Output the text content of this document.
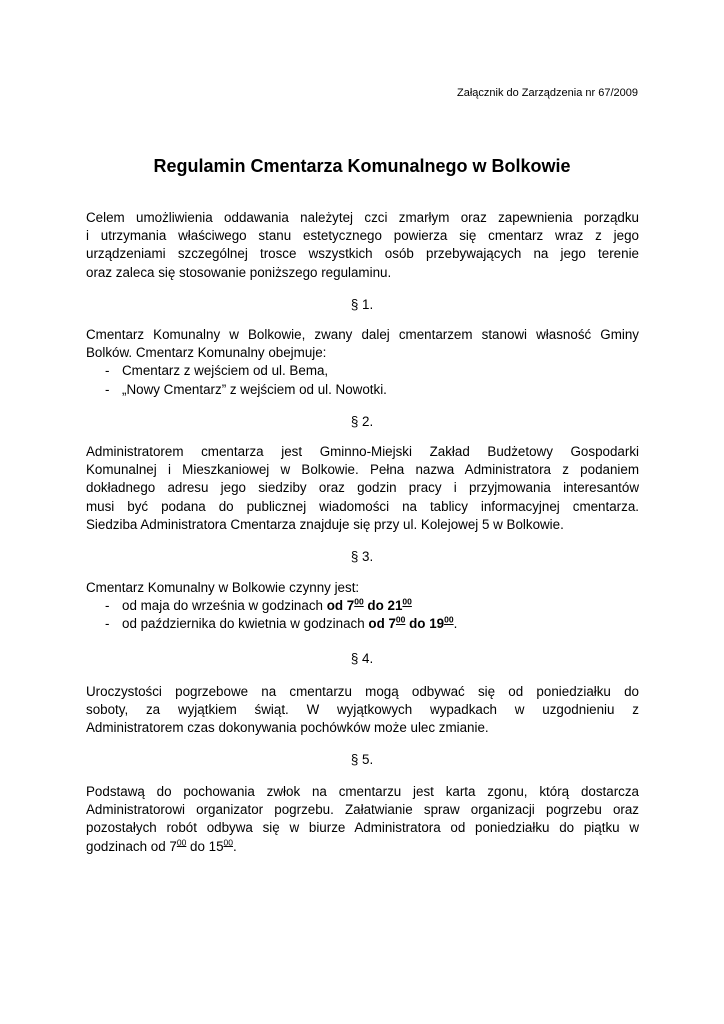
Załącznik do Zarządzenia nr 67/2009
Regulamin Cmentarza Komunalnego w Bolkowie
Celem umożliwienia oddawania należytej czci zmarłym oraz zapewnienia porządku
i utrzymania właściwego stanu estetycznego powierza się cmentarz wraz z jego
urządzeniami szczególnej trosce wszystkich osób przebywających na jego terenie
oraz zaleca się stosowanie poniższego regulaminu.
§ 1.
Cmentarz Komunalny w Bolkowie, zwany dalej cmentarzem stanowi własność Gminy
Bolków. Cmentarz Komunalny obejmuje:
- Cmentarz z wejściem od ul. Bema,
- „Nowy Cmentarz” z wejściem od ul. Nowotki.
§ 2.
Administratorem cmentarza jest Gminno-Miejski Zakład Budżetowy Gospodarki
Komunalnej i Mieszkaniowej w Bolkowie. Pełna nazwa Administratora z podaniem
dokładnego adresu jego siedziby oraz godzin pracy i przyjmowania interesantów
musi być podana do publicznej wiadomości na tablicy informacyjnej cmentarza.
Siedziba Administratora Cmentarza znajduje się przy ul. Kolejowej 5 w Bolkowie.
§ 3.
Cmentarz Komunalny w Bolkowie czynny jest:
- od maja do września w godzinach od $7^{00}$ do $21^{00}$
- od października do kwietnia w godzinach od $7^{00}$ do $19^{00}$.
§ 4.
Uroczystości pogrzebowe na cmentarzu mogą odbywać się od poniedziałku do
soboty, za wyjątkiem świąt. W wyjątkowych wypadkach w uzgodnieniu z
Administratorem czas dokonywania pochówków może ulec zmianie.
§ 5.
Podstawą do pochowania zwłok na cmentarzu jest karta zgonu, którą dostarcza
Administratorowi organizator pogrzebu. Załatwianie spraw organizacji pogrzebu oraz
pozostałych robót odbywa się w biurze Administratora od poniedziałku do piątku w
godzinach od $7^{00}$ do $15^{00}$.
